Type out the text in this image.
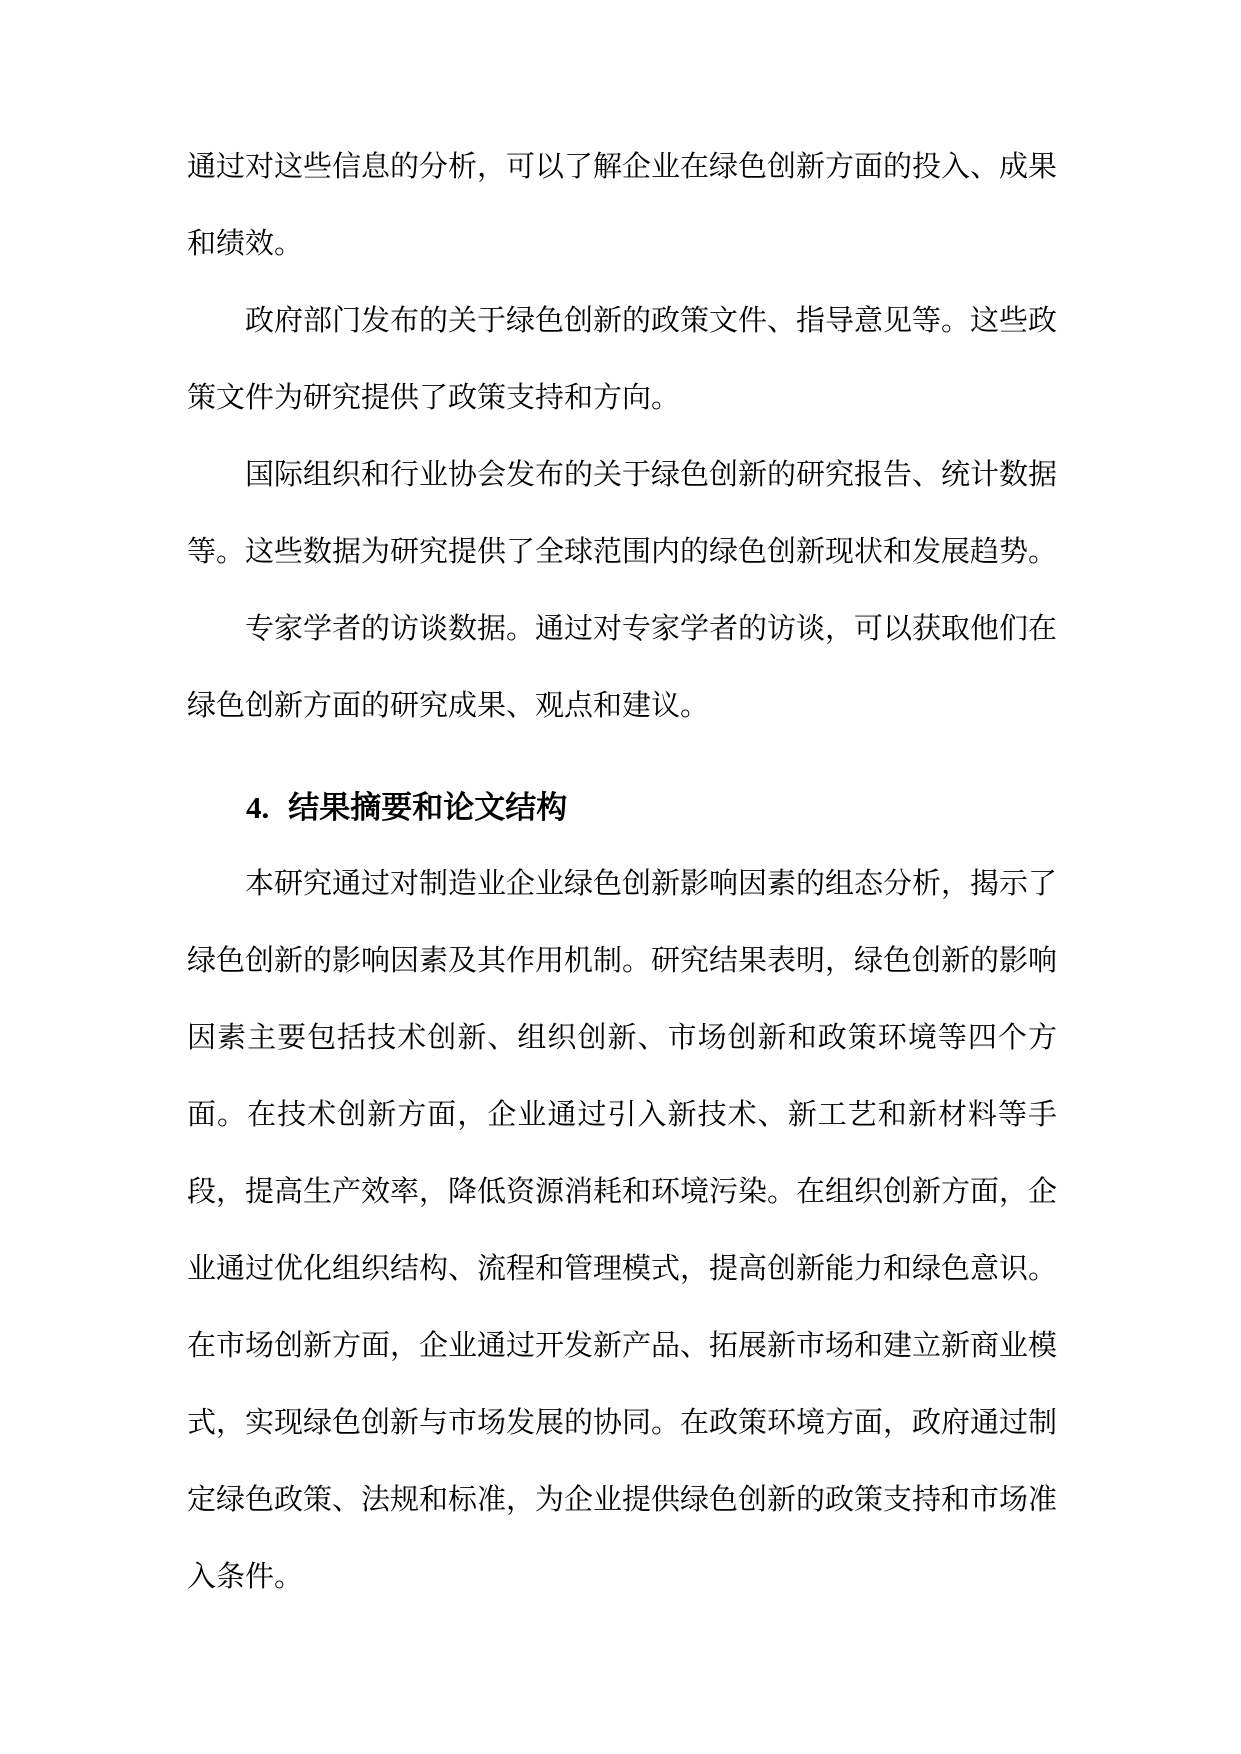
通过对这些信息的分析，可以了解企业在绿色创新方面的投入、成果和绩效。

政府部门发布的关于绿色创新的政策文件、指导意见等。这些政策文件为研究提供了政策支持和方向。

国际组织和行业协会发布的关于绿色创新的研究报告、统计数据等。这些数据为研究提供了全球范围内的绿色创新现状和发展趋势。

专家学者的访谈数据。通过对专家学者的访谈，可以获取他们在绿色创新方面的研究成果、观点和建议。

4. 结果摘要和论文结构

本研究通过对制造业企业绿色创新影响因素的组态分析，揭示了绿色创新的影响因素及其作用机制。研究结果表明，绿色创新的影响因素主要包括技术创新、组织创新、市场创新和政策环境等四个方面。在技术创新方面，企业通过引入新技术、新工艺和新材料等手段，提高生产效率，降低资源消耗和环境污染。在组织创新方面，企业通过优化组织结构、流程和管理模式，提高创新能力和绿色意识。在市场创新方面，企业通过开发新产品、拓展新市场和建立新商业模式，实现绿色创新与市场发展的协同。在政策环境方面，政府通过制定绿色政策、法规和标准，为企业提供绿色创新的政策支持和市场准入条件。
